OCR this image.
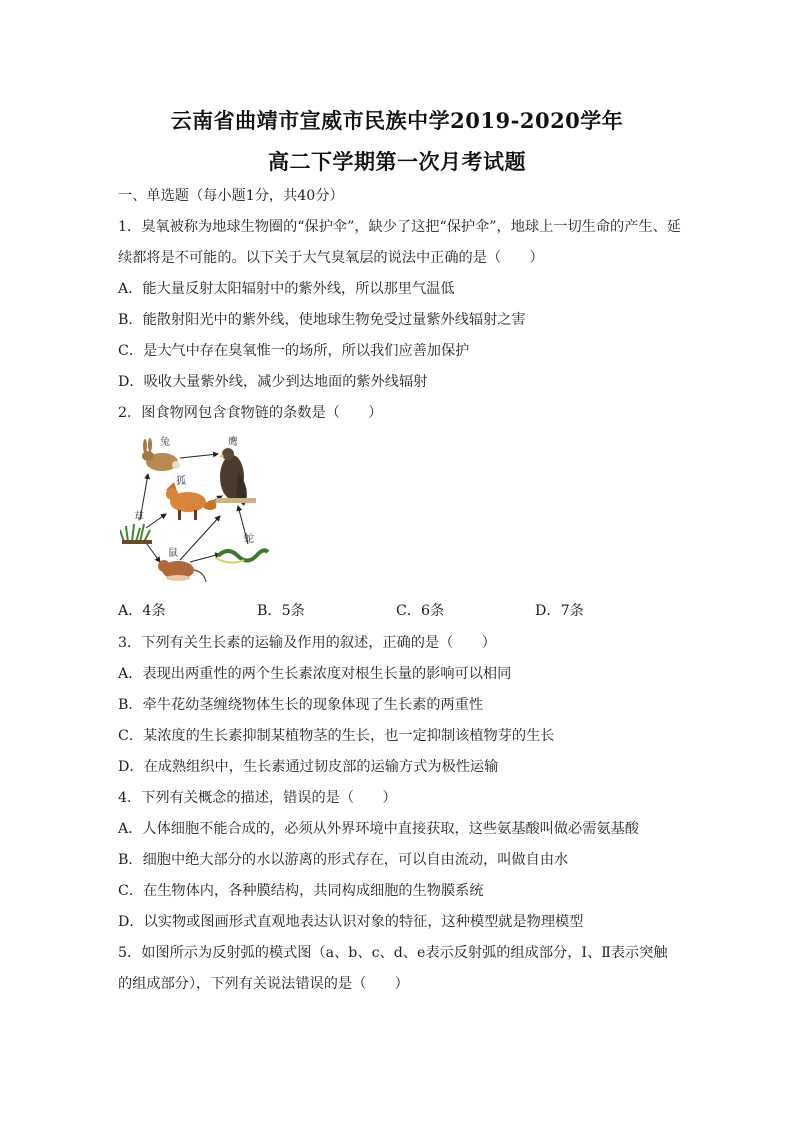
云南省曲靖市宣威市民族中学2019-2020学年
高二下学期第一次月考试题
一、单选题（每小题1分，共40分）
1．臭氧被称为地球生物圈的“保护伞”，缺少了这把“保护伞”，地球上一切生命的产生、延
续都将是不可能的。以下关于大气臭氧层的说法中正确的是（　　）
A．能大量反射太阳辐射中的紫外线，所以那里气温低
B．能散射阳光中的紫外线，使地球生物免受过量紫外线辐射之害
C．是大气中存在臭氧惟一的场所，所以我们应善加保护
D．吸收大量紫外线，减少到达地面的紫外线辐射
2．图食物网包含食物链的条数是（　　）
兔	鹰
狐
草
鼠
蛇
A．4条	B．5条	C．6条	D．7条
3．下列有关生长素的运输及作用的叙述，正确的是（　　）
A．表现出两重性的两个生长素浓度对根生长量的影响可以相同
B．牵牛花幼茎缠绕物体生长的现象体现了生长素的两重性
C．某浓度的生长素抑制某植物茎的生长，也一定抑制该植物芽的生长
D．在成熟组织中，生长素通过韧皮部的运输方式为极性运输
4．下列有关概念的描述，错误的是（　　）
A．人体细胞不能合成的，必须从外界环境中直接获取，这些氨基酸叫做必需氨基酸
B．细胞中绝大部分的水以游离的形式存在，可以自由流动，叫做自由水
C．在生物体内，各种膜结构，共同构成细胞的生物膜系统
D．以实物或图画形式直观地表达认识对象的特征，这种模型就是物理模型
5．如图所示为反射弧的模式图（a、b、c、d、e表示反射弧的组成部分，Ⅰ、Ⅱ表示突触
的组成部分），下列有关说法错误的是（　　）
